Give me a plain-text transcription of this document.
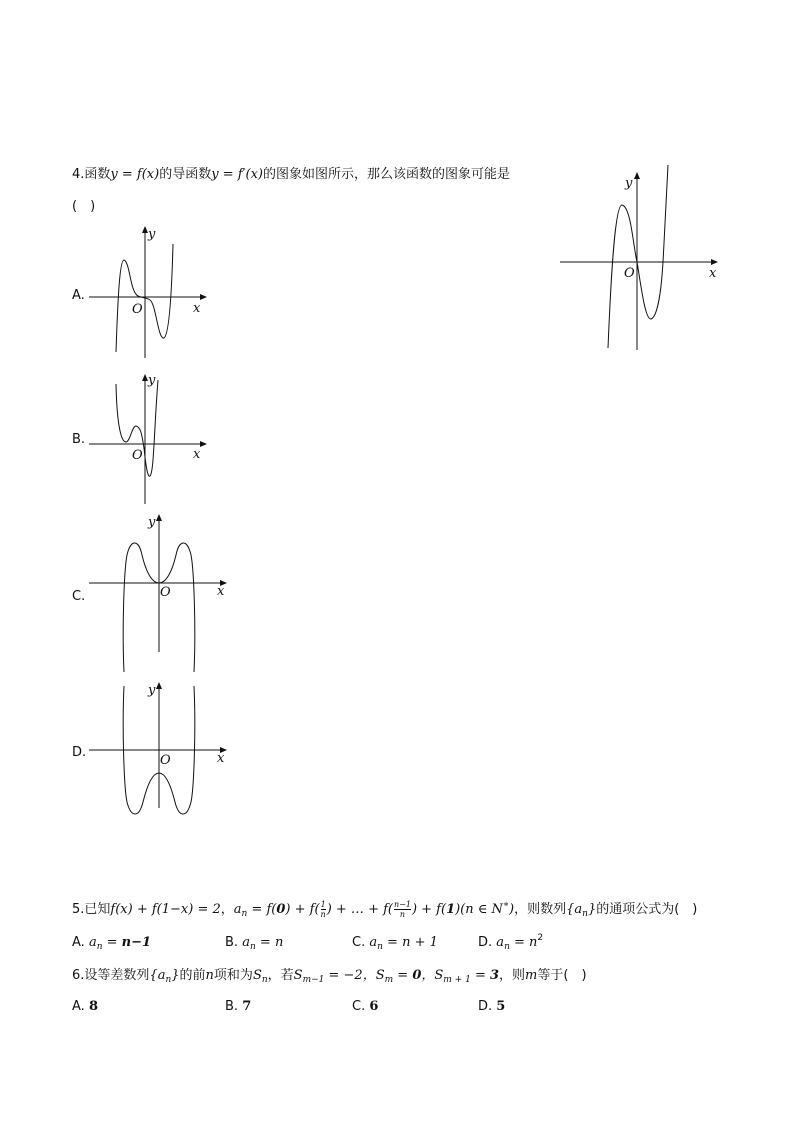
4.函数y = f(x)的导函数y = f′(x)的图象如图所示，那么该函数的图象可能是
(　)
x
y
O
A.
x
y
O
B.
x
y
O
C.	x
y
O
D.	x
y
O
5.已知f(x) + f(1−x) = 2，$a_n = f(0) + f( \frac{1}{n}$ ) + … + $f( \frac{n-1}{n}$ ) + f(1)(n ∈ N∗)，则数列$\{a_n\}$的通项公式为(　)
A. $a_n = n-1$	B. $a_n = n$	C. $a_n = n + 1$	D. $a_n = n^2$
6.设等差数列$\{a_n\}$的前n项和为$S_n$，若$S_{m-1} = -2$，$S_m = 0$，$S_{m + 1} = 3$，则m等于(　)
A. 8	B. 7	C. 6	D. 5
